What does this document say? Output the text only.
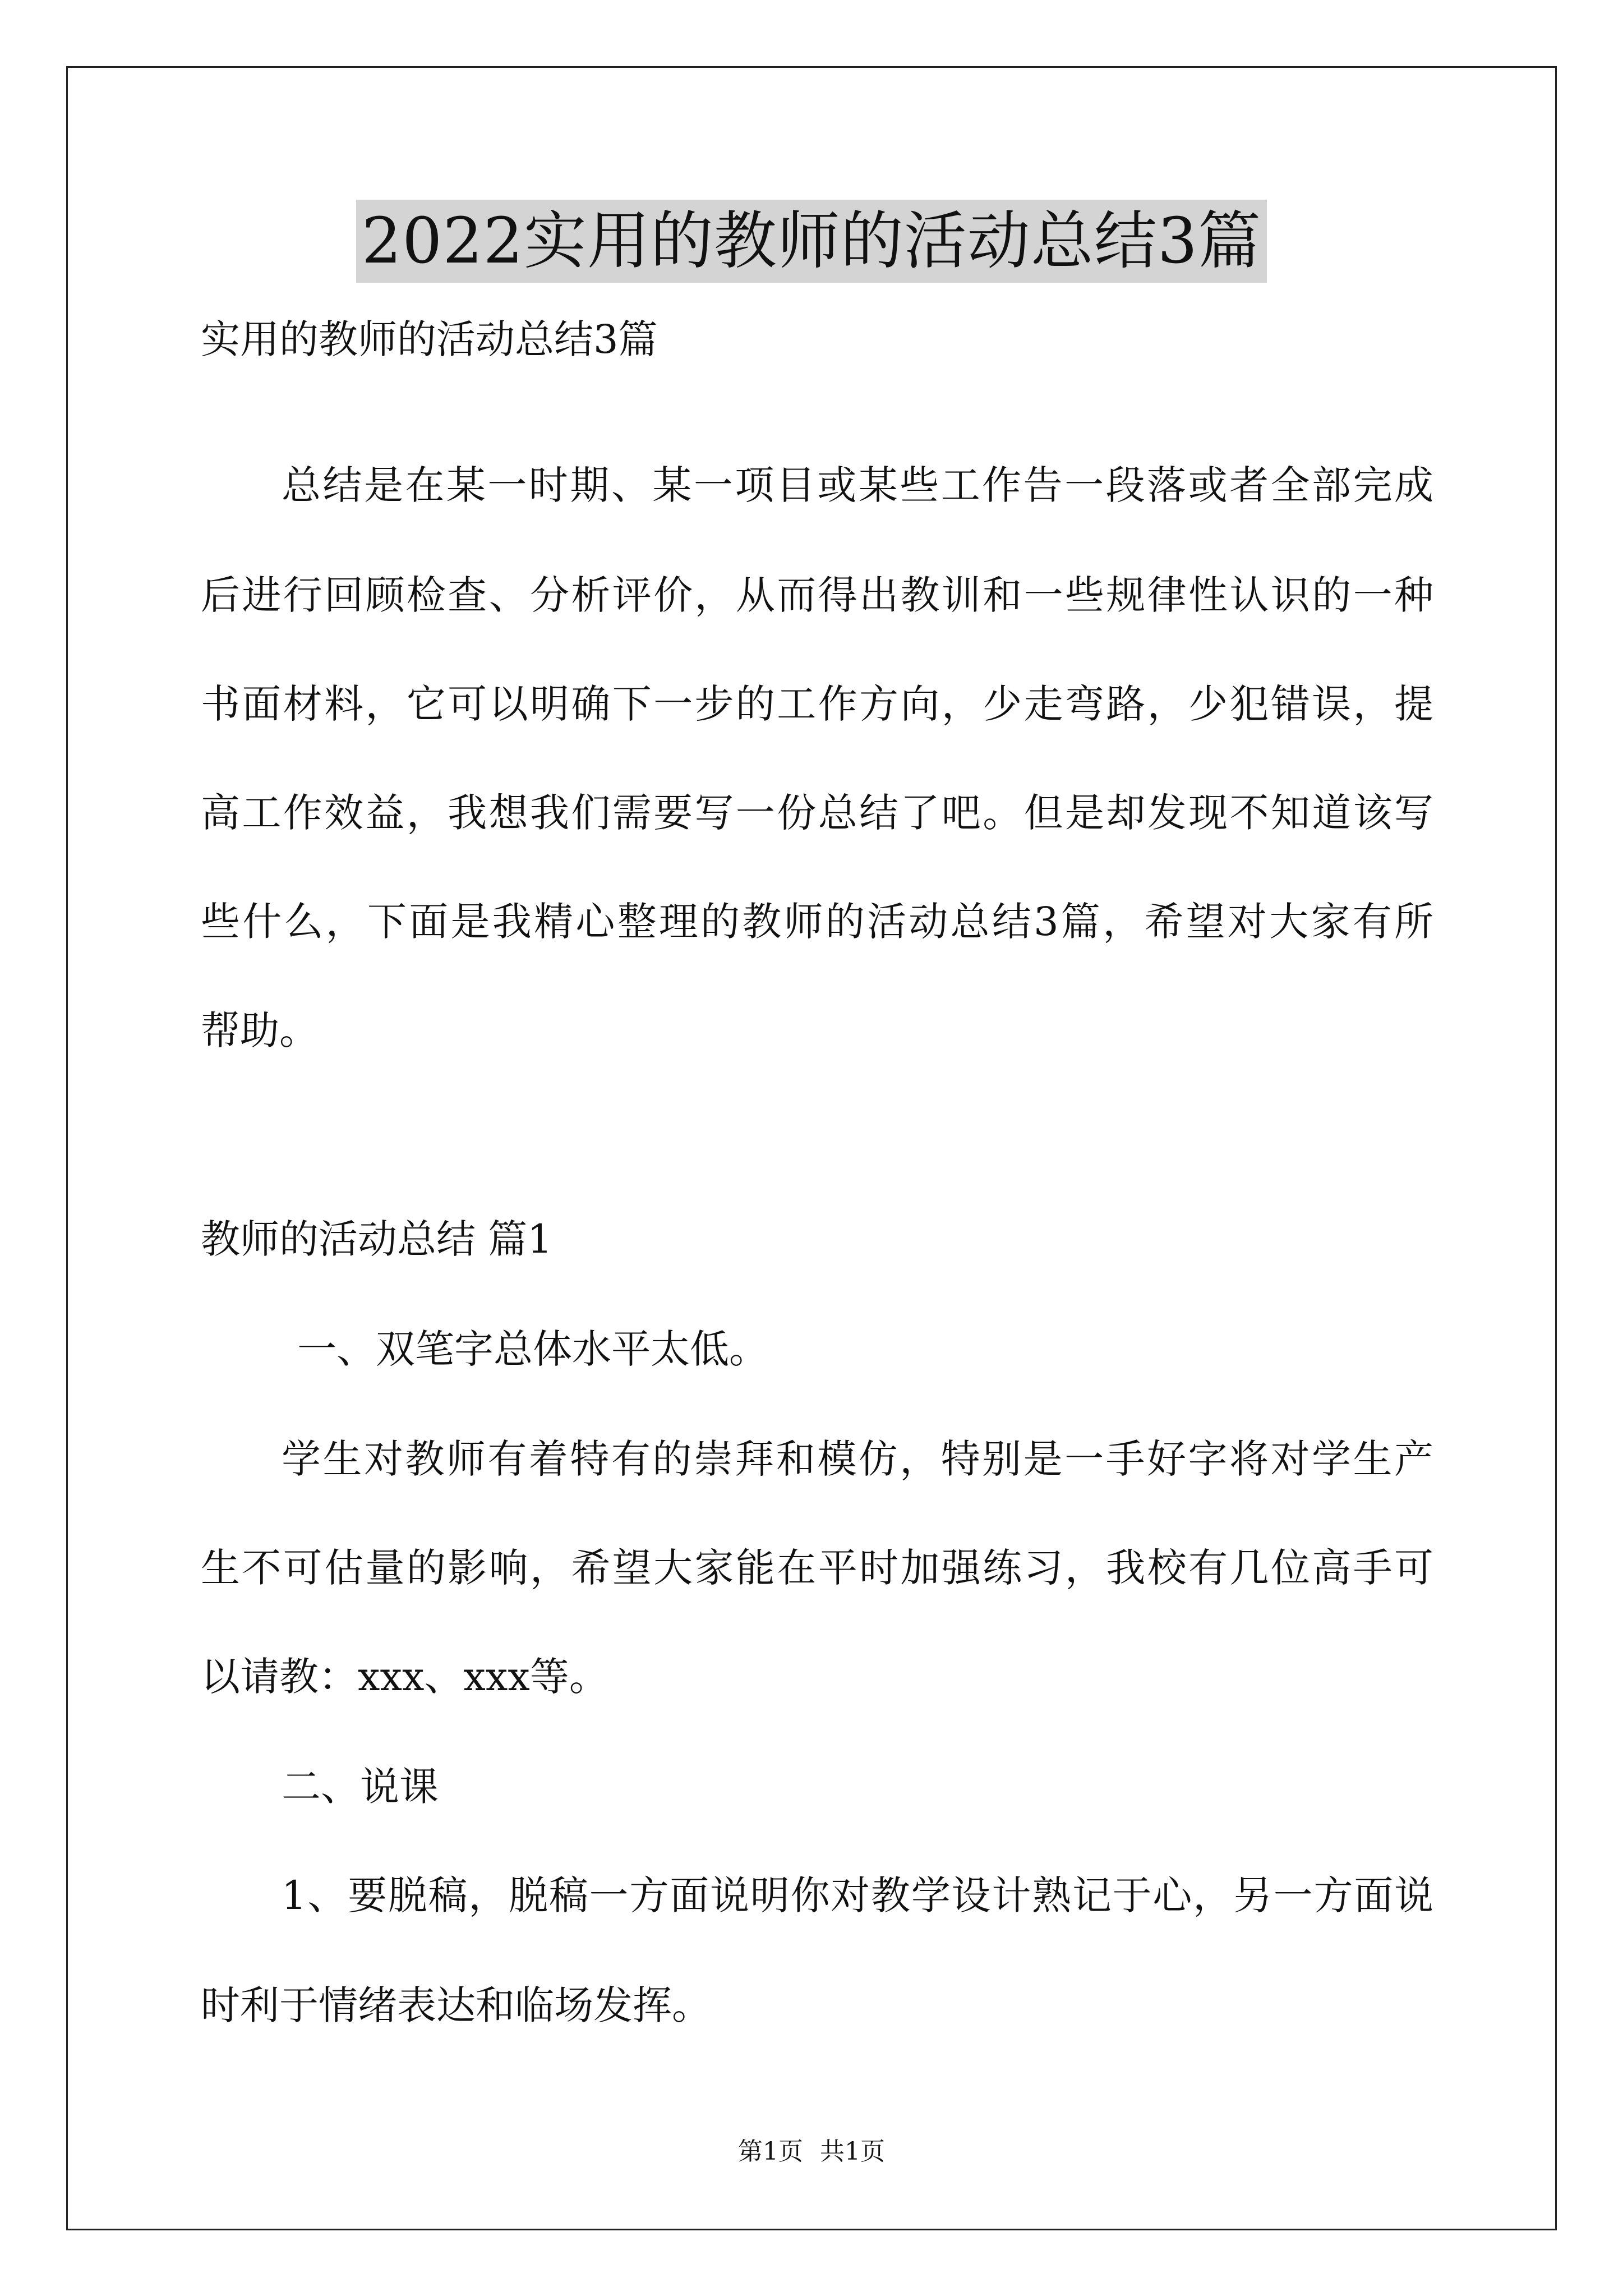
2022实用的教师的活动总结3篇
实用的教师的活动总结3篇
总结是在某一时期、某一项目或某些工作告一段落或者全部完成
后进行回顾检查、分析评价，从而得出教训和一些规律性认识的一种
书面材料，它可以明确下一步的工作方向，少走弯路，少犯错误，提
高工作效益，我想我们需要写一份总结了吧。但是却发现不知道该写
些什么，下面是我精心整理的教师的活动总结3篇，希望对大家有所
帮助。
教师的活动总结 篇1
一、双笔字总体水平太低。
学生对教师有着特有的崇拜和模仿，特别是一手好字将对学生产
生不可估量的影响，希望大家能在平时加强练习，我校有几位高手可
以请教：xxx、xxx等。
二、说课
1、要脱稿，脱稿一方面说明你对教学设计熟记于心，另一方面说
时利于情绪表达和临场发挥。
第1页 共1页
